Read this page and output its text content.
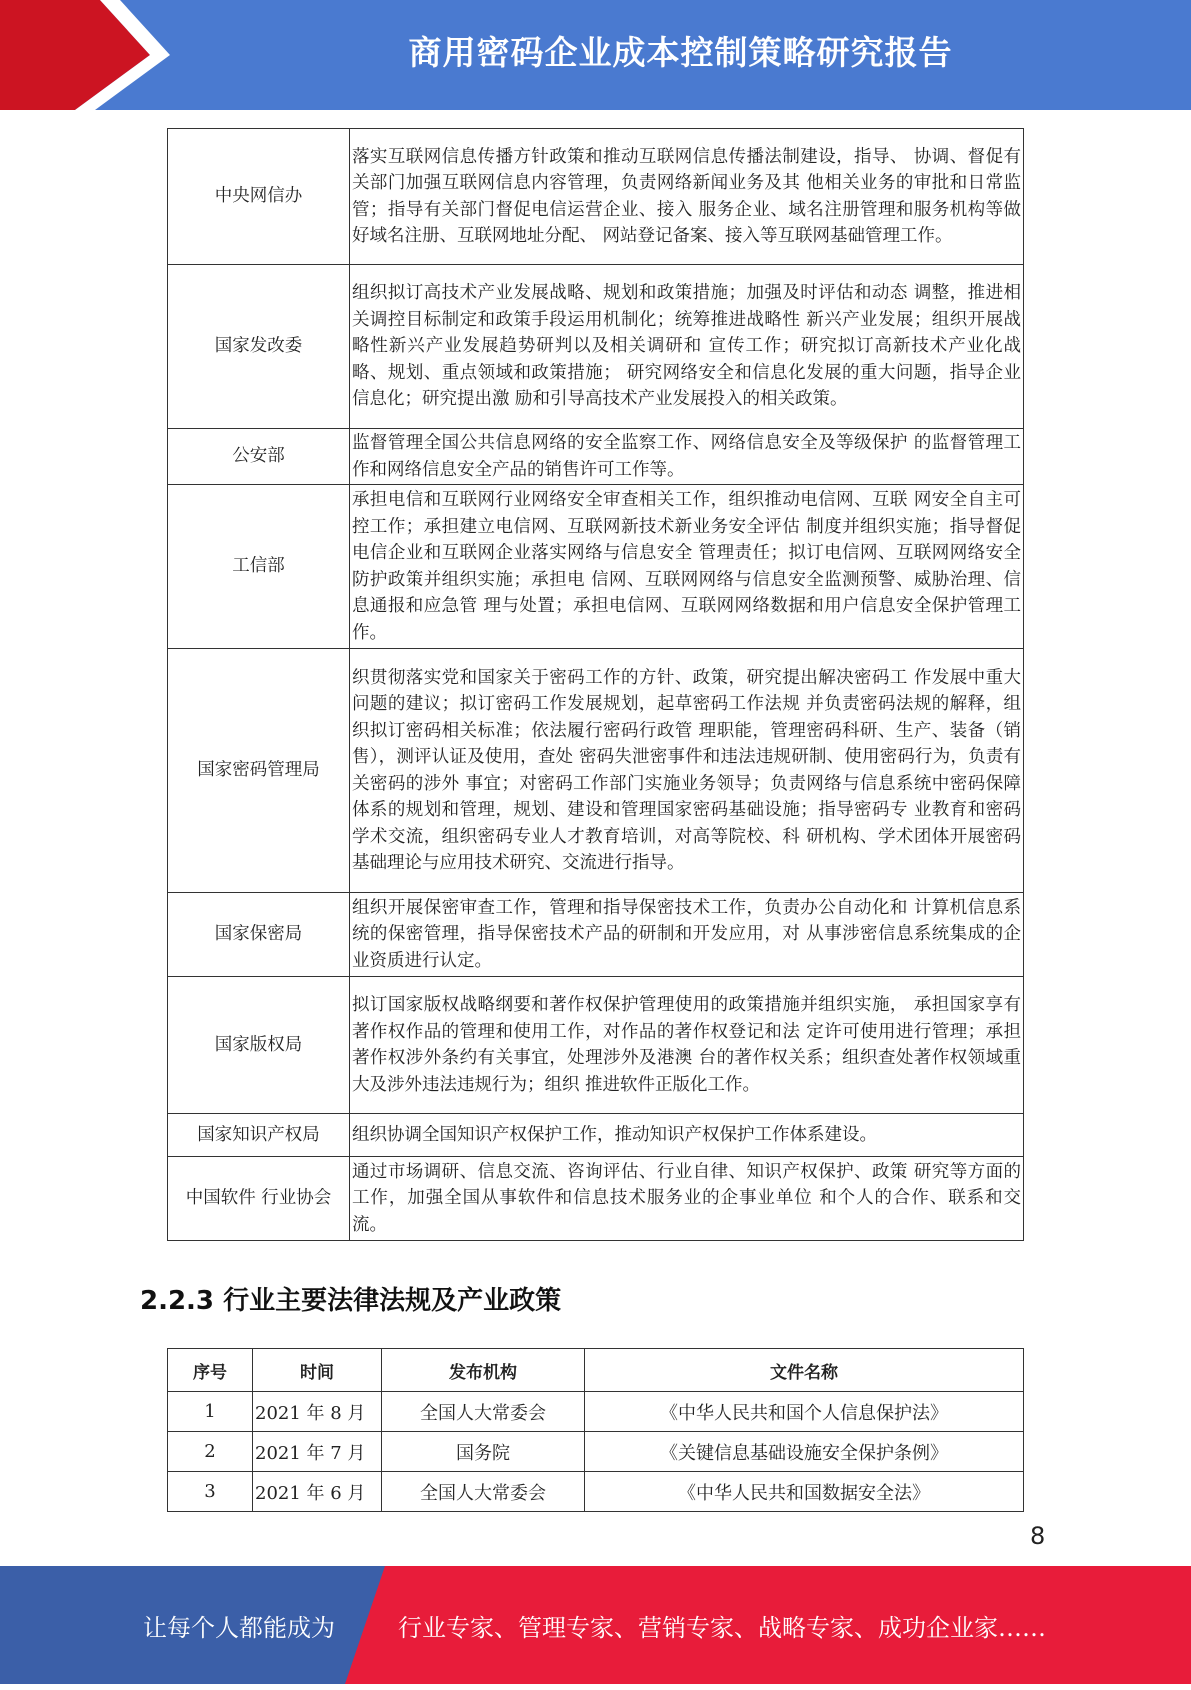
商用密码企业成本控制策略研究报告
中央网信办	落实互联网信息传播方针政策和推动互联网信息传播法制建设，指导、 协调、督促有关部门加强互联网信息内容管理，负责网络新闻业务及其 他相关业务的审批和日常监管；指导有关部门督促电信运营企业、接入 服务企业、域名注册管理和服务机构等做好域名注册、互联网地址分配、 网站登记备案、接入等互联网基础管理工作。
国家发改委	组织拟订高技术产业发展战略、规划和政策措施；加强及时评估和动态 调整，推进相关调控目标制定和政策手段运用机制化；统筹推进战略性 新兴产业发展；组织开展战略性新兴产业发展趋势研判以及相关调研和 宣传工作；研究拟订高新技术产业化战略、规划、重点领域和政策措施； 研究网络安全和信息化发展的重大问题，指导企业信息化；研究提出激 励和引导高技术产业发展投入的相关政策。
公安部	监督管理全国公共信息网络的安全监察工作、网络信息安全及等级保护 的监督管理工作和网络信息安全产品的销售许可工作等。
工信部	承担电信和互联网行业网络安全审查相关工作，组织推动电信网、互联 网安全自主可控工作；承担建立电信网、互联网新技术新业务安全评估 制度并组织实施；指导督促电信企业和互联网企业落实网络与信息安全 管理责任；拟订电信网、互联网网络安全防护政策并组织实施；承担电 信网、互联网网络与信息安全监测预警、威胁治理、信息通报和应急管 理与处置；承担电信网、互联网网络数据和用户信息安全保护管理工作。
国家密码管理局	织贯彻落实党和国家关于密码工作的方针、政策，研究提出解决密码工 作发展中重大问题的建议；拟订密码工作发展规划，起草密码工作法规 并负责密码法规的解释，组织拟订密码相关标准；依法履行密码行政管 理职能，管理密码科研、生产、装备（销售），测评认证及使用，查处 密码失泄密事件和违法违规研制、使用密码行为，负责有关密码的涉外 事宜；对密码工作部门实施业务领导；负责网络与信息系统中密码保障 体系的规划和管理，规划、建设和管理国家密码基础设施；指导密码专 业教育和密码学术交流，组织密码专业人才教育培训，对高等院校、科 研机构、学术团体开展密码基础理论与应用技术研究、交流进行指导。
国家保密局	组织开展保密审查工作，管理和指导保密技术工作，负责办公自动化和 计算机信息系统的保密管理，指导保密技术产品的研制和开发应用，对 从事涉密信息系统集成的企业资质进行认定。
国家版权局	拟订国家版权战略纲要和著作权保护管理使用的政策措施并组织实施， 承担国家享有著作权作品的管理和使用工作，对作品的著作权登记和法 定许可使用进行管理；承担著作权涉外条约有关事宜，处理涉外及港澳 台的著作权关系；组织查处著作权领域重大及涉外违法违规行为；组织 推进软件正版化工作。
国家知识产权局	组织协调全国知识产权保护工作，推动知识产权保护工作体系建设。
中国软件 行业协会	通过市场调研、信息交流、咨询评估、行业自律、知识产权保护、政策 研究等方面的工作，加强全国从事软件和信息技术服务业的企事业单位 和个人的合作、联系和交流。
2.2.3 行业主要法律法规及产业政策
序号	时间	发布机构	文件名称
1	2021 年 8 月	全国人大常委会	《中华人民共和国个人信息保护法》
2	2021 年 7 月	国务院	《关键信息基础设施安全保护条例》
3	2021 年 6 月	全国人大常委会	《中华人民共和国数据安全法》
8
让每个人都能成为	行业专家、管理专家、营销专家、战略专家、成功企业家……
